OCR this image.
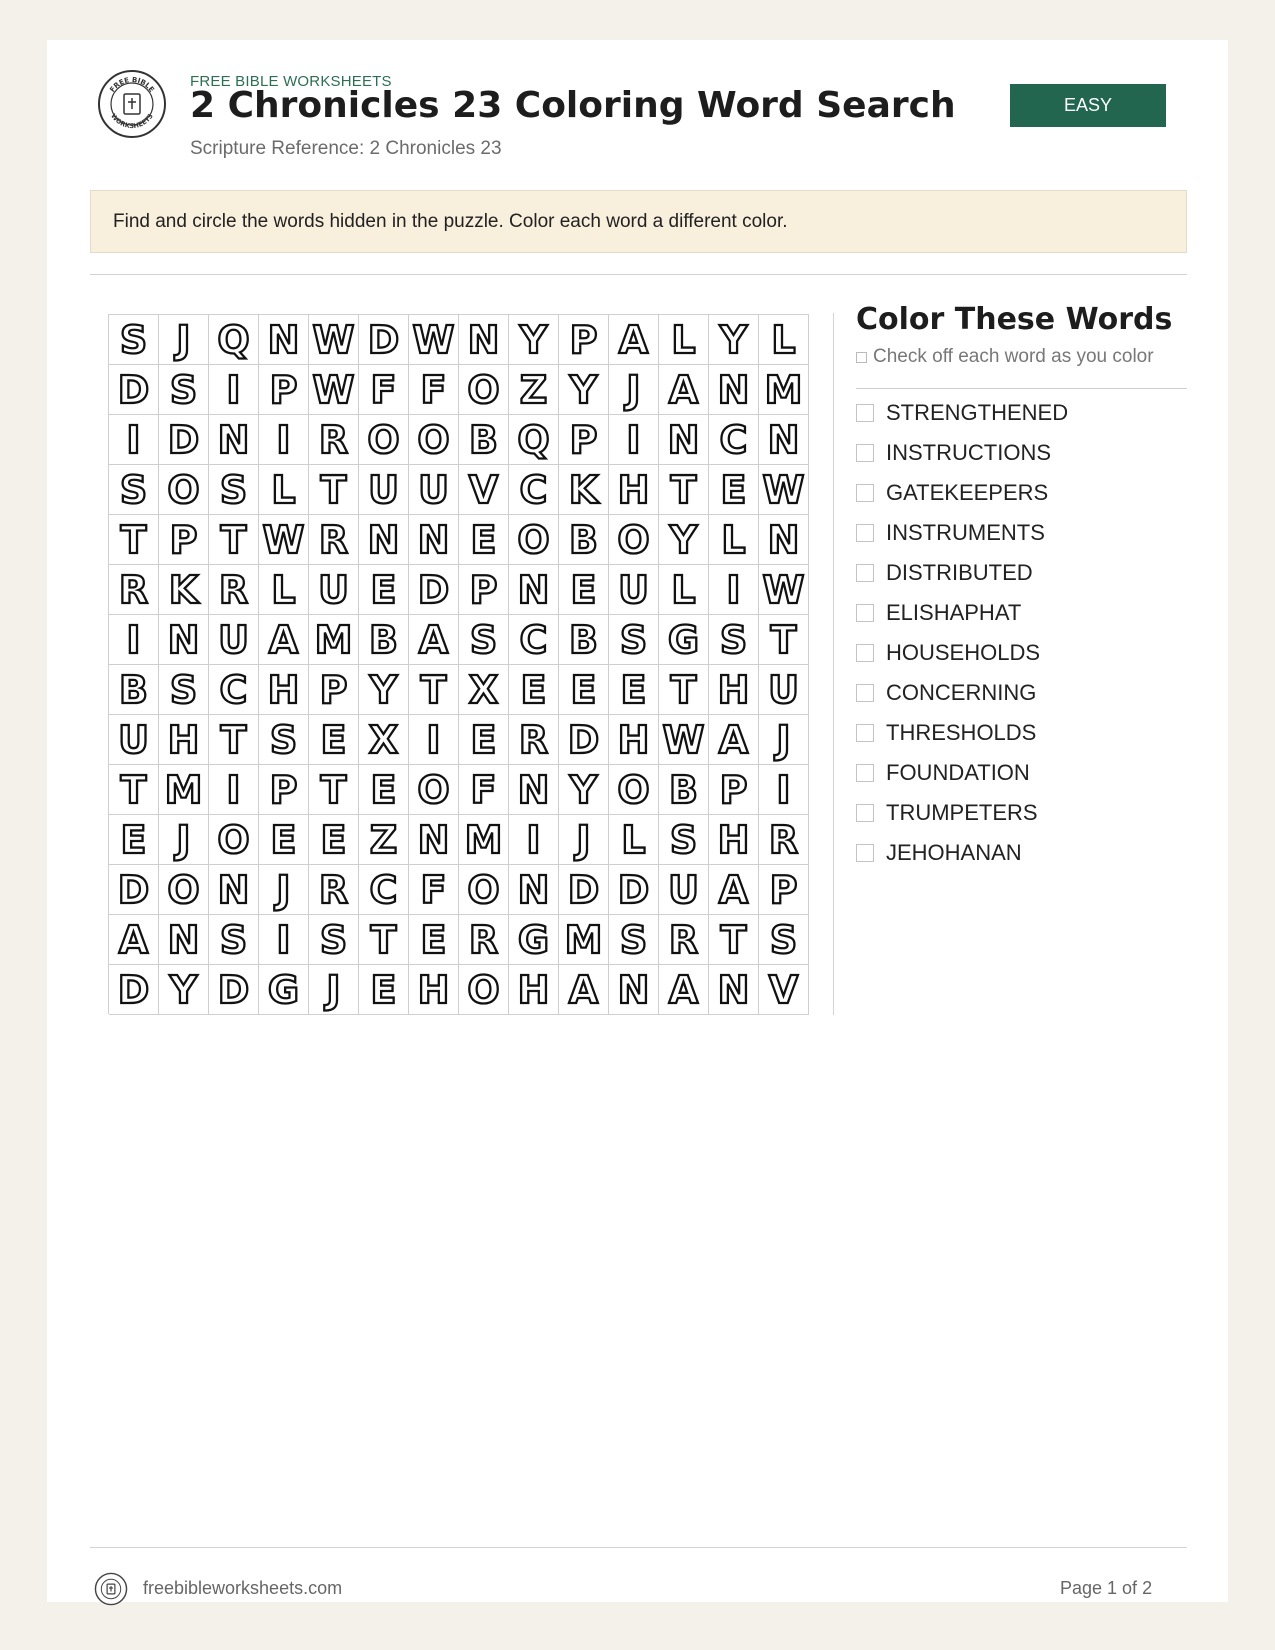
FREE BIBLE
WORKSHEETS
FREE BIBLE WORKSHEETS
2 Chronicles 23 Coloring Word Search
Scripture Reference: 2 Chronicles 23
EASY
Find and circle the words hidden in the puzzle. Color each word a different color.
S J Q N W D W N Y P A L Y L
D S I P W F F O Z Y J A N M
I D N I R O O B Q P I N C N
S O S L T U U V C K H T E W
T P T W R N N E O B O Y L N
R K R L U E D P N E U L I W
I N U A M B A S C B S G S T
B S C H P Y T X E E E T H U
U H T S E X I E R D H W A J
T M I P T E O F N Y O B P I
E J O E E Z N M I J L S H R
D O N J R C F O N D D U A P
A N S I S T E R G M S R T S
D Y D G J E H O H A N A N V
Color These Words
Check off each word as you color
STRENGTHENED
INSTRUCTIONS
GATEKEEPERS
INSTRUMENTS
DISTRIBUTED
ELISHAPHAT
HOUSEHOLDS
CONCERNING
THRESHOLDS
FOUNDATION
TRUMPETERS
JEHOHANAN
freebibleworksheets.com	Page 1 of 2
